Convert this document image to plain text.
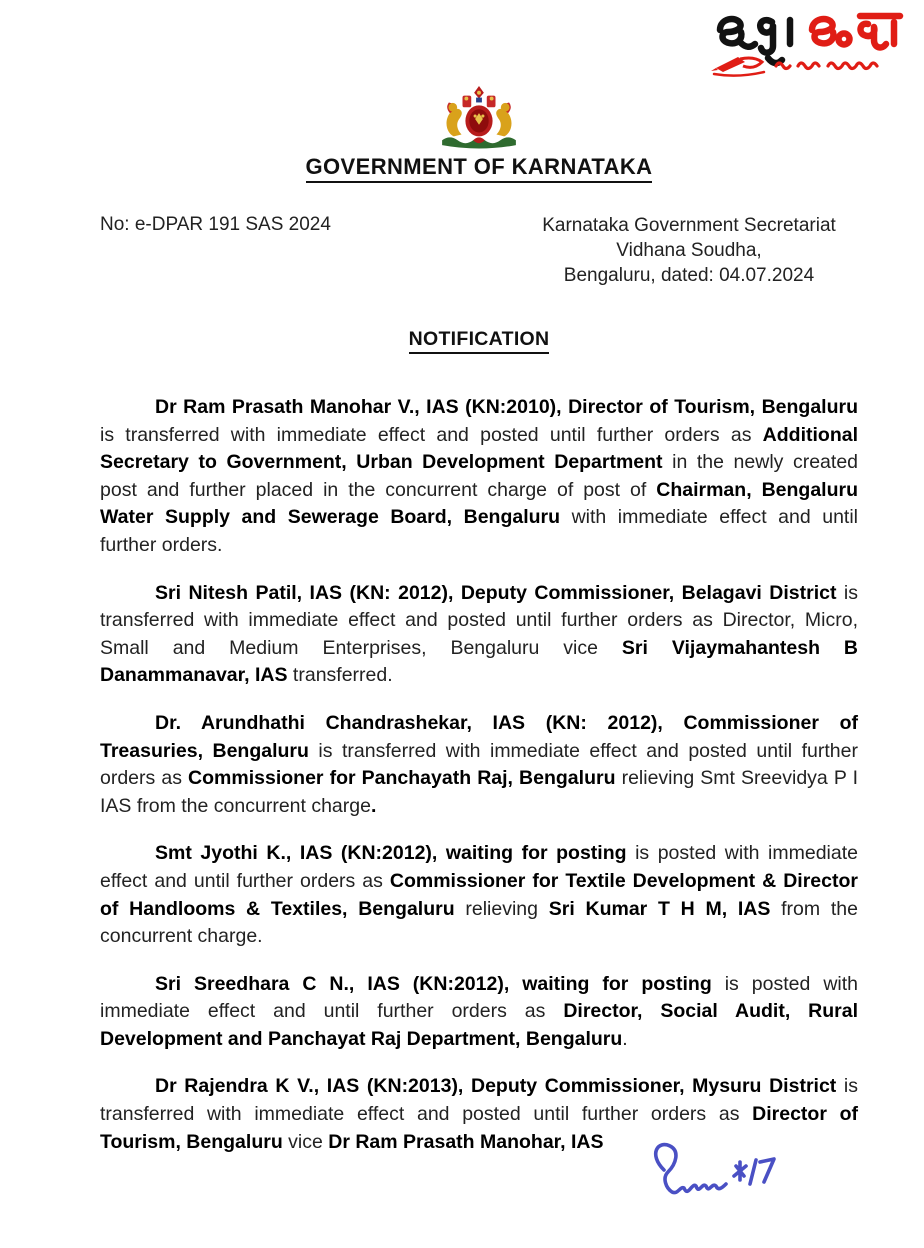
GOVERNMENT OF KARNATAKA
No: e-DPAR 191 SAS 2024	Karnataka Government Secretariat
Vidhana Soudha,
Bengaluru, dated: 04.07.2024
NOTIFICATION

Dr Ram Prasath Manohar V., IAS (KN:2010), Director of Tourism, Bengaluru is transferred with immediate effect and posted until further orders as Additional Secretary to Government, Urban Development Department in the newly created post and further placed in the concurrent charge of post of Chairman, Bengaluru Water Supply and Sewerage Board, Bengaluru with immediate effect and until further orders.

Sri Nitesh Patil, IAS (KN: 2012), Deputy Commissioner, Belagavi District is transferred with immediate effect and posted until further orders as Director, Micro, Small and Medium Enterprises, Bengaluru vice Sri Vijaymahantesh B Danammanavar, IAS transferred.

Dr. Arundhathi Chandrashekar, IAS (KN: 2012), Commissioner of Treasuries, Bengaluru is transferred with immediate effect and posted until further orders as Commissioner for Panchayath Raj, Bengaluru relieving Smt Sreevidya P I IAS from the concurrent charge.

Smt Jyothi K., IAS (KN:2012), waiting for posting is posted with immediate effect and until further orders as Commissioner for Textile Development & Director of Handlooms & Textiles, Bengaluru relieving Sri Kumar T H M, IAS from the concurrent charge.

Sri Sreedhara C N., IAS (KN:2012), waiting for posting is posted with immediate effect and until further orders as Director, Social Audit, Rural Development and Panchayat Raj Department, Bengaluru.

Dr Rajendra K V., IAS (KN:2013), Deputy Commissioner, Mysuru District is transferred with immediate effect and posted until further orders as Director of Tourism, Bengaluru vice Dr Ram Prasath Manohar, IAS
